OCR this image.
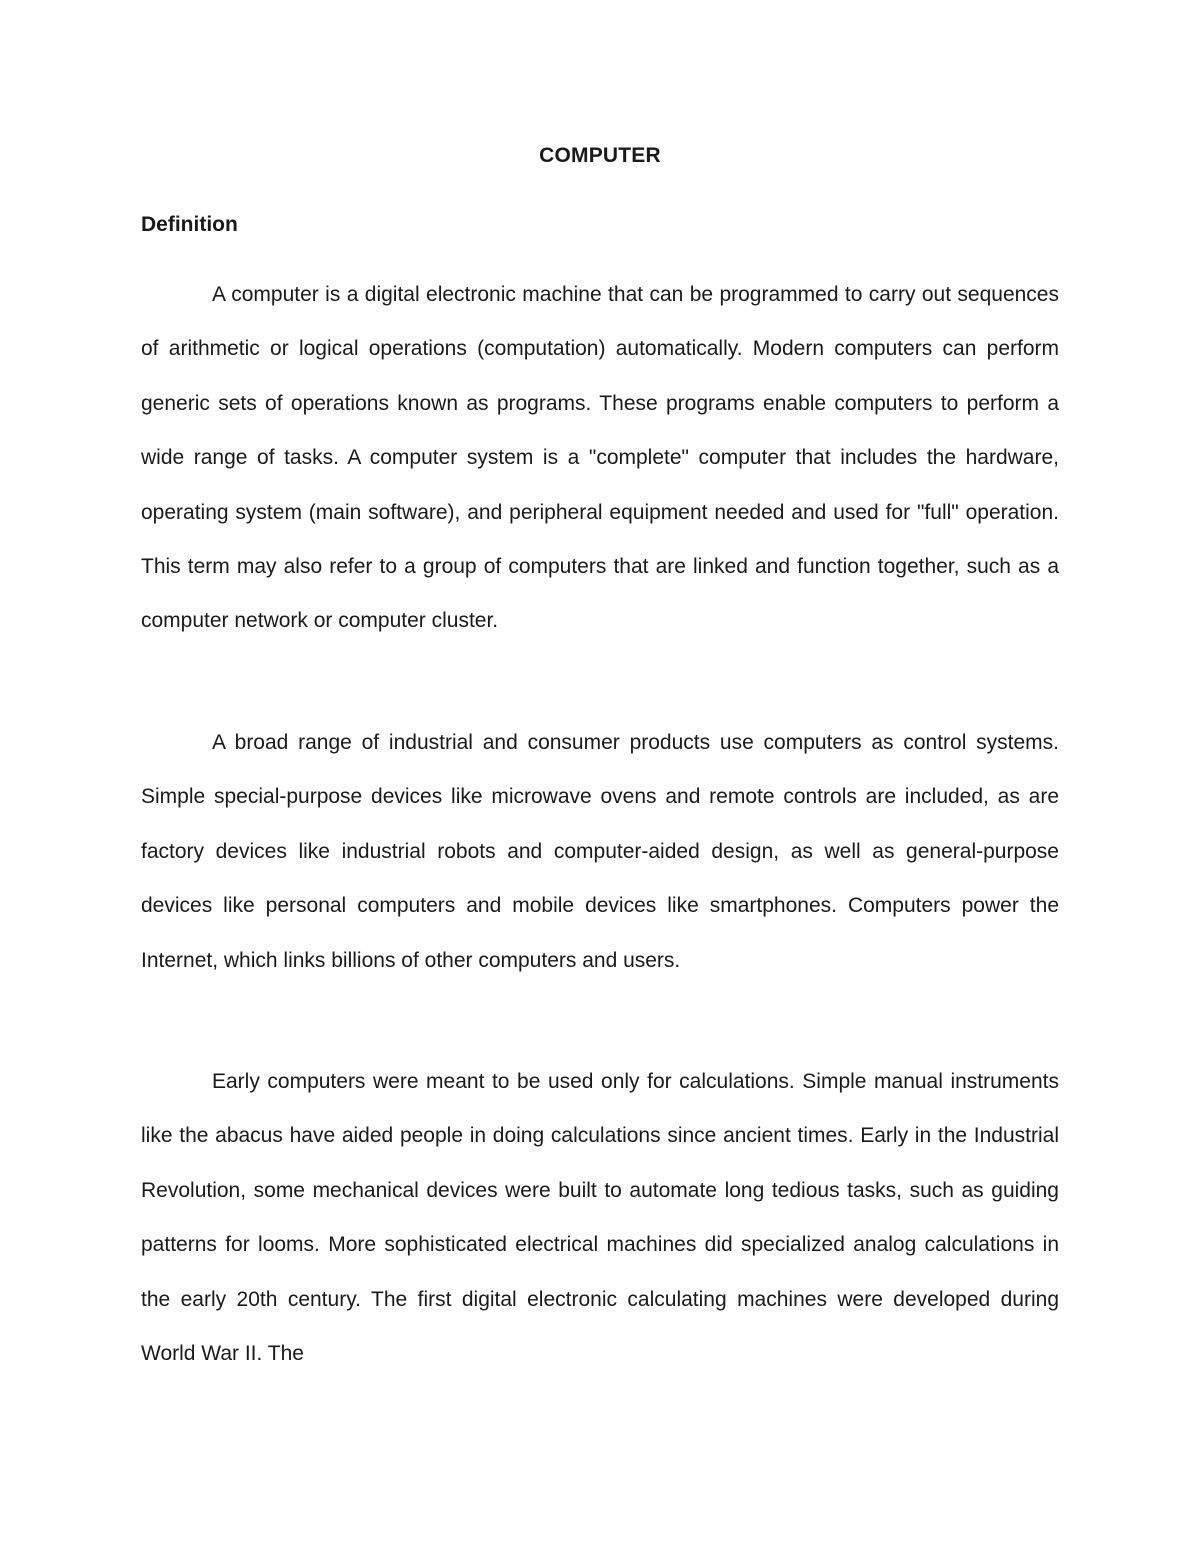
COMPUTER
Definition

A computer is a digital electronic machine that can be programmed to carry out sequences of arithmetic or logical operations (computation) automatically. Modern computers can perform generic sets of operations known as programs. These programs enable computers to perform a wide range of tasks. A computer system is a "complete" computer that includes the hardware, operating system (main software), and peripheral equipment needed and used for "full" operation. This term may also refer to a group of computers that are linked and function together, such as a computer network or computer cluster.

A broad range of industrial and consumer products use computers as control systems. Simple special-purpose devices like microwave ovens and remote controls are included, as are factory devices like industrial robots and computer-aided design, as well as general-purpose devices like personal computers and mobile devices like smartphones. Computers power the Internet, which links billions of other computers and users.

Early computers were meant to be used only for calculations. Simple manual instruments like the abacus have aided people in doing calculations since ancient times. Early in the Industrial Revolution, some mechanical devices were built to automate long tedious tasks, such as guiding patterns for looms. More sophisticated electrical machines did specialized analog calculations in the early 20th century. The first digital electronic calculating machines were developed during World War II. The
